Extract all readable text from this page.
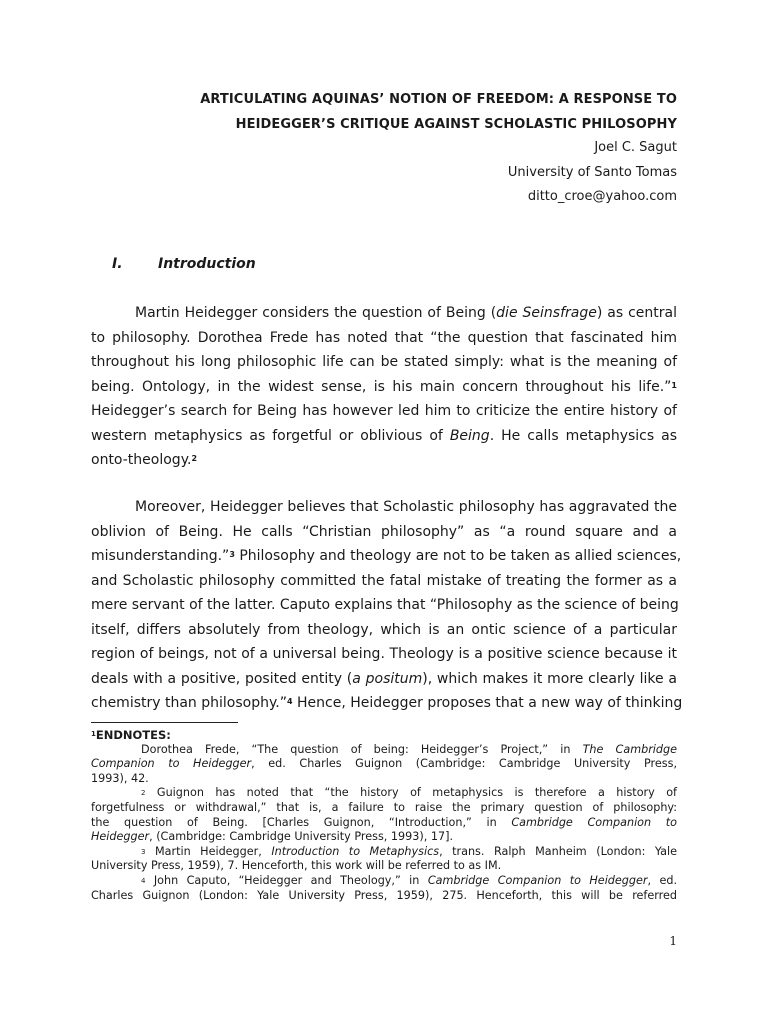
ARTICULATING AQUINAS’ NOTION OF FREEDOM: A RESPONSE TO
HEIDEGGER’S CRITIQUE AGAINST SCHOLASTIC PHILOSOPHY
Joel C. Sagut
University of Santo Tomas
ditto_croe@yahoo.com
I.	Introduction
Martin Heidegger considers the question of Being (die Seinsfrage) as central
to philosophy. Dorothea Frede has noted that “the question that fascinated him
throughout his long philosophic life can be stated simply: what is the meaning of
being. Ontology, in the widest sense, is his main concern throughout his life.”$^1$
Heidegger’s search for Being has however led him to criticize the entire history of
western metaphysics as forgetful or oblivious of Being. He calls metaphysics as
onto-theology.$^2$
Moreover, Heidegger believes that Scholastic philosophy has aggravated the
oblivion of Being. He calls “Christian philosophy” as “a round square and a
misunderstanding.”$^3$ Philosophy and theology are not to be taken as allied sciences,
and Scholastic philosophy committed the fatal mistake of treating the former as a
mere servant of the latter. Caputo explains that “Philosophy as the science of being
itself, differs absolutely from theology, which is an ontic science of a particular
region of beings, not of a universal being. Theology is a positive science because it
deals with a positive, posited entity (a positum), which makes it more clearly like a
chemistry than philosophy.”$^4$ Hence, Heidegger proposes that a new way of thinking
$^1$ENDNOTES:
Dorothea Frede, “The question of being: Heidegger’s Project,” in The Cambridge
Companion to Heidegger, ed. Charles Guignon (Cambridge: Cambridge University Press,
1993), 42.
$^2$ Guignon has noted that “the history of metaphysics is therefore a history of
forgetfulness or withdrawal,” that is, a failure to raise the primary question of philosophy:
the question of Being. [Charles Guignon, “Introduction,” in Cambridge Companion to
Heidegger, (Cambridge: Cambridge University Press, 1993), 17].
$^3$ Martin Heidegger, Introduction to Metaphysics, trans. Ralph Manheim (London: Yale
University Press, 1959), 7. Henceforth, this work will be referred to as IM.
$^4$ John Caputo, “Heidegger and Theology,” in Cambridge Companion to Heidegger, ed.
Charles Guignon (London: Yale University Press, 1959), 275. Henceforth, this will be referred
1
